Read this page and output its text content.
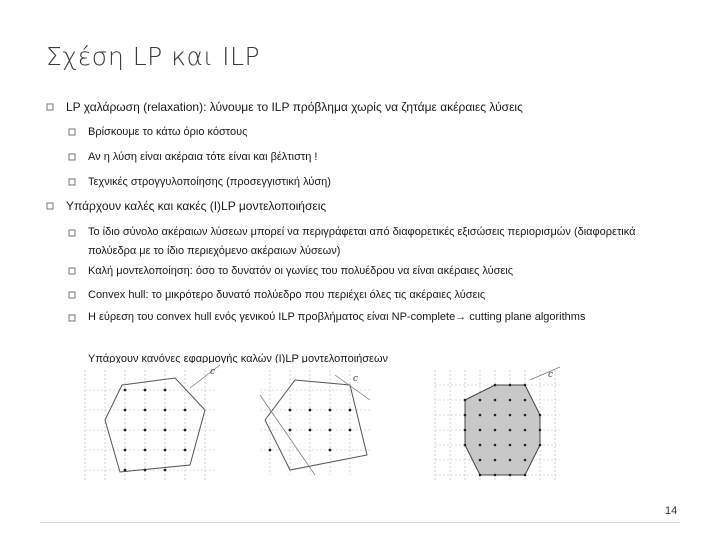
Σχέση LP και ILP
LP χαλάρωση (relaxation): λύνουμε το ILP πρόβλημα χωρίς να ζητάμε ακέραιες λύσεις
Βρίσκουμε το κάτω όριο κόστους
Αν η λύση είναι ακέραια τότε είναι και βέλτιστη !
Τεχνικές στρογγυλοποίησης (προσεγγιστική λύση)
Υπάρχουν καλές και κακές (I)LP μοντελοποιήσεις
Το ίδιο σύνολο ακέραιων λύσεων μπορεί να περιγράφεται από διαφορετικές εξισώσεις περιορισμών (διαφορετικά πολύεδρα με το ίδιο περιεχόμενο ακέραιων λύσεων)
Καλή μοντελοποίηση: όσο το δυνατόν οι γωνίες του πολυέδρου να είναι ακέραιες λύσεις
Convex hull: το μικρότερο δυνατό πολύεδρο που περιέχει όλες τις ακέραιες λύσεις
Η εύρεση του convex hull ενός γενικού ILP προβλήματος είναι NP-complete→ cutting plane algorithms
Υπάρχουν κανόνες εφαρμογής καλών (I)LP μοντελοποιήσεων
c
c	c
14
